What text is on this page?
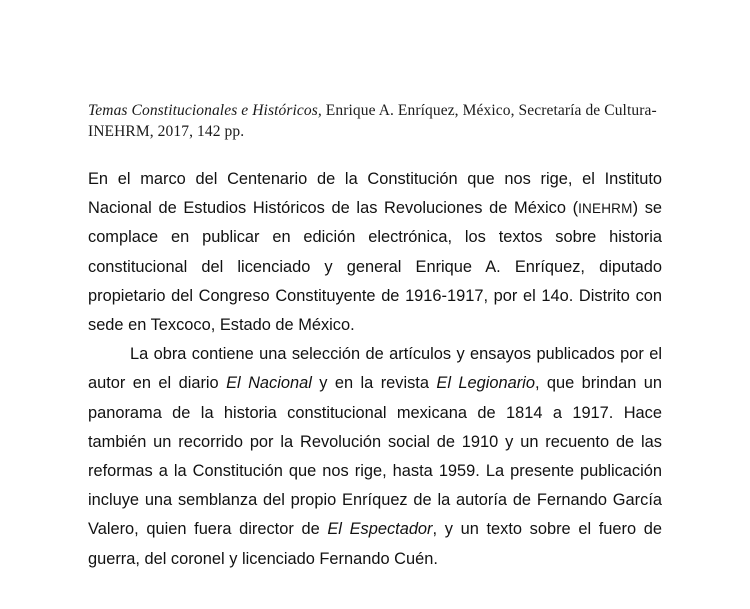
Temas Constitucionales e Históricos, Enrique A. Enríquez, México, Secretaría de Cultura-INEHRM, 2017, 142 pp.

En el marco del Centenario de la Constitución que nos rige, el Instituto Nacional de Estudios Históricos de las Revoluciones de México (INEHRM) se complace en publicar en edición electrónica, los textos sobre historia constitucional del licenciado y general Enrique A. Enríquez, diputado propietario del Congreso Constituyente de 1916-1917, por el 14o. Distrito con sede en Texcoco, Estado de México.

La obra contiene una selección de artículos y ensayos publicados por el autor en el diario El Nacional y en la revista El Legionario, que brindan un panorama de la historia constitucional mexicana de 1814 a 1917. Hace también un recorrido por la Revolución social de 1910 y un recuento de las reformas a la Constitución que nos rige, hasta 1959. La presente publicación incluye una semblanza del propio Enríquez de la autoría de Fernando García Valero, quien fuera director de El Espectador, y un texto sobre el fuero de guerra, del coronel y licenciado Fernando Cuén.
